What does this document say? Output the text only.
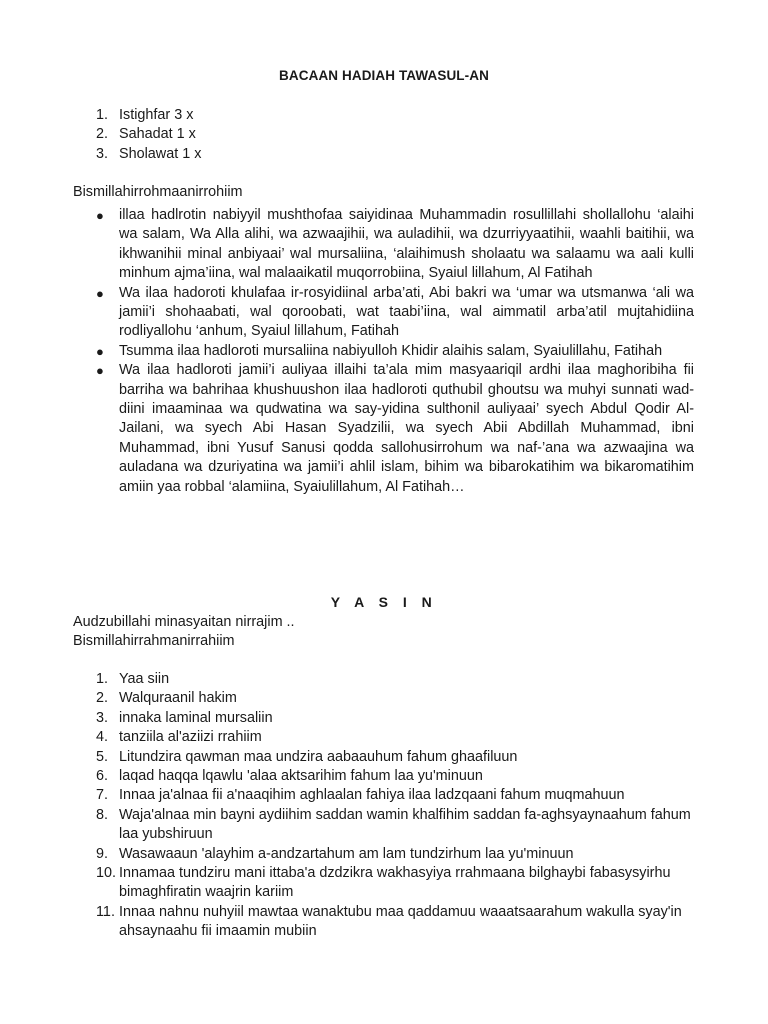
BACAAN HADIAH TAWASUL-AN
1. Istighfar 3 x
2. Sahadat 1 x
3. Sholawat 1 x
Bismillahirrohmaanirrohiim
● illaa hadlrotin nabiyyil mushthofaa saiyidinaa Muhammadin rosullillahi shollallohu ‘alaihi wa salam, Wa Alla alihi, wa azwaajihii, wa auladihii, wa dzurriyyaatihii, waahli baitihii, wa ikhwanihii minal anbiyaai’ wal mursaliina, ‘alaihimush sholaatu wa salaamu wa aali kulli minhum ajma’iina, wal malaaikatil muqorrobiina, Syaiul lillahum, Al Fatihah
● Wa ilaa hadoroti khulafaa ir-rosyidiinal arba’ati, Abi bakri wa ‘umar wa utsmanwa ‘ali wa jamii’i shohaabati, wal qoroobati, wat taabi’iina, wal aimmatil arba’atil mujtahidiina rodliyallohu ‘anhum, Syaiul lillahum, Fatihah
● Tsumma ilaa hadloroti mursaliina nabiyulloh Khidir alaihis salam, Syaiulillahu, Fatihah
● Wa ilaa hadloroti jamii’i auliyaa illaihi ta’ala mim masyaariqil ardhi ilaa maghoribiha fii barriha wa bahrihaa khushuushon ilaa hadloroti quthubil ghoutsu wa muhyi sunnati wad-diini imaaminaa wa qudwatina wa say-yidina sulthonil auliyaai’ syech Abdul Qodir Al-Jailani, wa syech Abi Hasan Syadzilii, wa syech Abii Abdillah Muhammad, ibni Muhammad, ibni Yusuf Sanusi qodda sallohusirrohum wa naf-’ana wa azwaajina wa auladana wa dzuriyatina wa jamii’i ahlil islam, bihim wa bibarokatihim wa bikaromatihim amiin yaa robbal ‘alamiina, Syaiulillahum, Al Fatihah…
Y A S I N
Audzubillahi minasyaitan nirrajim ..
Bismillahirrahmanirrahiim
1. Yaa siin
2. Walquraanil hakim
3. innaka laminal mursaliin
4. tanziila al'aziizi rrahiim
5. Litundzira qawman maa undzira aabaauhum fahum ghaafiluun
6. laqad haqqa lqawlu 'alaa aktsarihim fahum laa yu'minuun
7. Innaa ja'alnaa fii a'naaqihim aghlaalan fahiya ilaa ladzqaani fahum muqmahuun
8. Waja'alnaa min bayni aydiihim saddan wamin khalfihim saddan fa-aghsyaynaahum fahum laa yubshiruun
9. Wasawaaun 'alayhim a-andzartahum am lam tundzirhum laa yu'minuun
10. Innamaa tundziru mani ittaba'a dzdzikra wakhasyiya rrahmaana bilghaybi fabasysyirhu bimaghfiratin waajrin kariim
11. Innaa nahnu nuhyiil mawtaa wanaktubu maa qaddamuu waaatsaarahum wakulla syay'in ahsaynaahu fii imaamin mubiin
